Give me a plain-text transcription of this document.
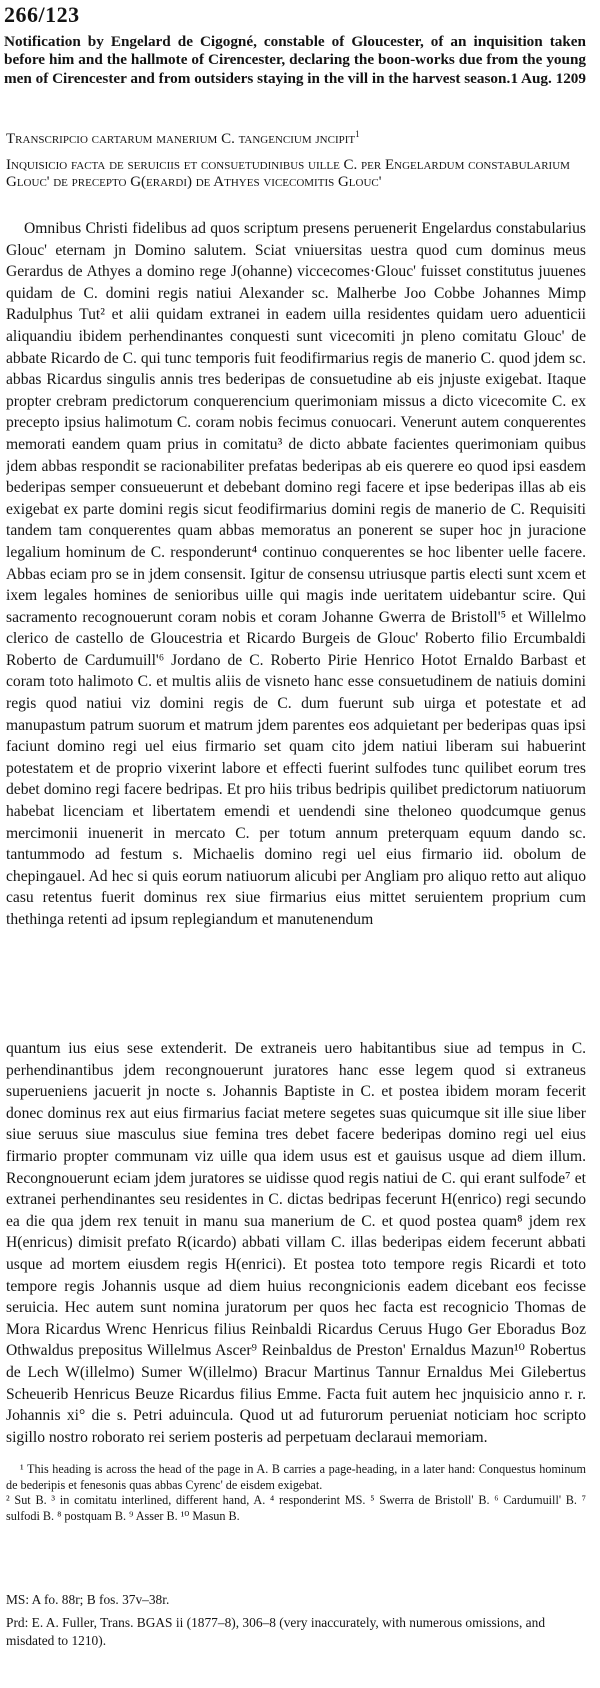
266/123
Notification by Engelard de Cigogné, constable of Gloucester, of an inquisition taken before him and the hallmote of Cirencester, declaring the boon-works due from the young men of Cirencester and from outsiders staying in the vill in the harvest season. 1 Aug. 1209
Transcripcio cartarum manerium C. tangencium jncipit$^1$
Inquisicio facta de seruiciis et consuetudinibus uille C. per Engelardum constabularium Glouc' de precepto G(erardi) de Athyes vicecomitis Glouc'
Omnibus Christi fidelibus ad quos scriptum presens peruenerit Engelardus constabularius Glouc' eternam jn Domino salutem. Sciat vniuersitas uestra quod cum dominus meus Gerardus de Athyes a domino rege J(ohanne) viccecomes·Glouc' fuisset constitutus juuenes quidam de C. domini regis natiui Alexander sc. Malherbe Joo Cobbe Johannes Mimp Radulphus Tut² et alii quidam extranei in eadem uilla residentes quidam uero aduenticii aliquandiu ibidem perhendinantes conquesti sunt vicecomiti jn pleno comitatu Glouc' de abbate Ricardo de C. qui tunc temporis fuit feodifirmarius regis de manerio C. quod jdem sc. abbas Ricardus singulis annis tres bederipas de consuetudine ab eis jnjuste exigebat. Itaque propter crebram predictorum conquerencium querimoniam missus a dicto vicecomite C. ex precepto ipsius halimotum C. coram nobis fecimus conuocari. Venerunt autem conquerentes memorati eandem quam prius in comitatu³ de dicto abbate facientes querimoniam quibus jdem abbas respondit se racionabiliter prefatas bederipas ab eis querere eo quod ipsi easdem bederipas semper consueuerunt et debebant domino regi facere et ipse bederipas illas ab eis exigebat ex parte domini regis sicut feodifirmarius domini regis de manerio de C. Requisiti tandem tam conquerentes quam abbas memoratus an ponerent se super hoc jn juracione legalium hominum de C. responderunt⁴ continuo conquerentes se hoc libenter uelle facere. Abbas eciam pro se in jdem consensit. Igitur de consensu utriusque partis electi sunt xcem et ixem legales homines de senioribus uille qui magis inde ueritatem uidebantur scire. Qui sacramento recognouerunt coram nobis et coram Johanne Gwerra de Bristoll'⁵ et Willelmo clerico de castello de Gloucestria et Ricardo Burgeis de Glouc' Roberto filio Ercumbaldi Roberto de Cardumuill'⁶ Jordano de C. Roberto Pirie Henrico Hotot Ernaldo Barbast et coram toto halimoto C. et multis aliis de visneto hanc esse consuetudinem de natiuis domini regis quod natiui viz domini regis de C. dum fuerunt sub uirga et potestate et ad manupastum patrum suorum et matrum jdem parentes eos adquietant per bederipas quas ipsi faciunt domino regi uel eius firmario set quam cito jdem natiui liberam sui habuerint potestatem et de proprio vixerint labore et effecti fuerint sulfodes tunc quilibet eorum tres debet domino regi facere bedripas. Et pro hiis tribus bedripis quilibet predictorum natiuorum habebat licenciam et libertatem emendi et uendendi sine theloneo quodcumque genus mercimonii inuenerit in mercato C. per totum annum preterquam equum dando sc. tantummodo ad festum s. Michaelis domino regi uel eius firmario iid. obolum de chepingauel. Ad hec si quis eorum natiuorum alicubi per Angliam pro aliquo retto aut aliquo casu retentus fuerit dominus rex siue firmarius eius mittet seruientem proprium cum thethinga retenti ad ipsum replegiandum et manutenendum
quantum ius eius sese extenderit. De extraneis uero habitantibus siue ad tempus in C. perhendinantibus jdem recongnouerunt juratores hanc esse legem quod si extraneus superueniens jacuerit jn nocte s. Johannis Baptiste in C. et postea ibidem moram fecerit donec dominus rex aut eius firmarius faciat metere segetes suas quicumque sit ille siue liber siue seruus siue masculus siue femina tres debet facere bederipas domino regi uel eius firmario propter communam viz uille qua idem usus est et gauisus usque ad diem illum. Recongnouerunt eciam jdem juratores se uidisse quod regis natiui de C. qui erant sulfode⁷ et extranei perhendinantes seu residentes in C. dictas bedripas fecerunt H(enrico) regi secundo ea die qua jdem rex tenuit in manu sua manerium de C. et quod postea quam⁸ jdem rex H(enricus) dimisit prefato R(icardo) abbati villam C. illas bederipas eidem fecerunt abbati usque ad mortem eiusdem regis H(enrici). Et postea toto tempore regis Ricardi et toto tempore regis Johannis usque ad diem huius recongnicionis eadem dicebant eos fecisse seruicia. Hec autem sunt nomina juratorum per quos hec facta est recognicio Thomas de Mora Ricardus Wrenc Henricus filius Reinbaldi Ricardus Ceruus Hugo Ger Eboradus Boz Othwaldus prepositus Willelmus Ascer⁹ Reinbaldus de Preston' Ernaldus Mazun¹⁰ Robertus de Lech W(illelmo) Sumer W(illelmo) Bracur Martinus Tannur Ernaldus Mei Gilebertus Scheuerib Henricus Beuze Ricardus filius Emme. Facta fuit autem hec jnquisicio anno r. r. Johannis xi° die s. Petri aduincula. Quod ut ad futurorum perueniat noticiam hoc scripto sigillo nostro roborato rei seriem posteris ad perpetuam declaraui memoriam.
¹ This heading is across the head of the page in A. B carries a page-heading, in a later hand: Conquestus hominum de bederipis et fenesonis quas abbas Cyrenc' de eisdem exigebat.
² Sut B. ³ in comitatu interlined, different hand, A. ⁴ responderint MS. ⁵ Swerra de Bristoll' B. ⁶ Cardumuill' B. ⁷ sulfodi B. ⁸ postquam B. ⁹ Asser B. ¹⁰ Masun B.
MS: A fo. 88r; B fos. 37v–38r.
Prd: E. A. Fuller, Trans. BGAS ii (1877–8), 306–8 (very inaccurately, with numerous omissions, and misdated to 1210).
